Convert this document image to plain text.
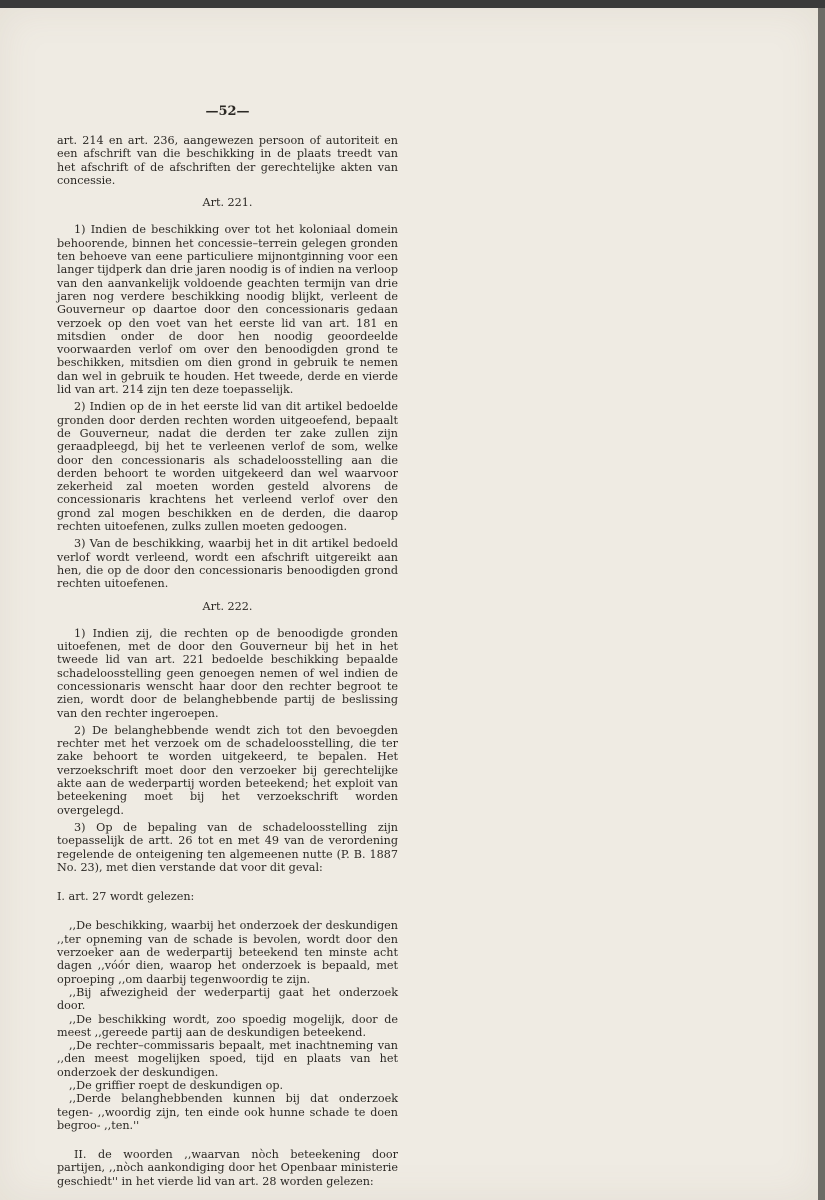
—52—

art. 214 en art. 236, aangewezen persoon of autoriteit en een afschrift van die beschikking in de plaats treedt van het afschrift of de afschriften der gerechtelijke akten van concessie.

Art. 221.

1) Indien de beschikking over tot het koloniaal domein behoorende, binnen het concessie–terrein gelegen gronden ten behoeve van eene particuliere mijnontginning voor een langer tijdperk dan drie jaren noodig is of indien na verloop van den aanvankelijk voldoende geachten termijn van drie jaren nog verdere beschikking noodig blijkt, verleent de Gouverneur op daartoe door den concessionaris gedaan verzoek op den voet van het eerste lid van art. 181 en mitsdien onder de door hen noodig geoordeelde voorwaarden verlof om over den benoodigden grond te beschikken, mitsdien om dien grond in gebruik te nemen dan wel in gebruik te houden. Het tweede, derde en vierde lid van art. 214 zijn ten deze toepasselijk.

2) Indien op de in het eerste lid van dit artikel bedoelde gronden door derden rechten worden uitgeoefend, bepaalt de Gouverneur, nadat die derden ter zake zullen zijn geraadpleegd, bij het te verleenen verlof de som, welke door den concessionaris als schadeloosstelling aan die derden behoort te worden uitgekeerd dan wel waarvoor zekerheid zal moeten worden gesteld alvorens de concessionaris krachtens het verleend verlof over den grond zal mogen beschikken en de derden, die daarop rechten uitoefenen, zulks zullen moeten gedoogen.

3) Van de beschikking, waarbij het in dit artikel bedoeld verlof wordt verleend, wordt een afschrift uitgereikt aan hen, die op de door den concessionaris benoodigden grond rechten uitoefenen.

Art. 222.

1) Indien zij, die rechten op de benoodigde gronden uitoefenen, met de door den Gouverneur bij het in het tweede lid van art. 221 bedoelde beschikking bepaalde schadeloosstelling geen genoegen nemen of wel indien de concessionaris wenscht haar door den rechter begroot te zien, wordt door de belanghebbende partij de beslissing van den rechter ingeroepen.

2) De belanghebbende wendt zich tot den bevoegden rechter met het verzoek om de schadeloosstelling, die ter zake behoort te worden uitgekeerd, te bepalen. Het verzoekschrift moet door den verzoeker bij gerechtelijke akte aan de wederpartij worden beteekend; het exploit van beteekening moet bij het verzoekschrift worden overgelegd.

3) Op de bepaling van de schadeloosstelling zijn toepasselijk de artt. 26 tot en met 49 van de verordening regelende de onteigening ten algemeenen nutte (P. B. 1887 No. 23), met dien verstande dat voor dit geval:

I. art. 27 wordt gelezen:

,,De beschikking, waarbij het onderzoek der deskundigen ,,ter opneming van de schade is bevolen, wordt door den verzoeker aan de wederpartij beteekend ten minste acht dagen ,,vóór dien, waarop het onderzoek is bepaald, met oproeping ,,om daarbij tegenwoordig te zijn.

,,Bij afwezigheid der wederpartij gaat het onderzoek door.

,,De beschikking wordt, zoo spoedig mogelijk, door de meest ,,gereede partij aan de deskundigen beteekend.

,,De rechter–commissaris bepaalt, met inachtneming van ,,den meest mogelijken spoed, tijd en plaats van het onderzoek der deskundigen.

,,De griffier roept de deskundigen op.

,,Derde belanghebbenden kunnen bij dat onderzoek tegen- ,,woordig zijn, ten einde ook hunne schade te doen begroo- ,,ten.''

II. de woorden ,,waarvan nòch beteekening door partijen, ,,nòch aankondiging door het Openbaar ministerie geschiedt'' in het vierde lid van art. 28 worden gelezen:
